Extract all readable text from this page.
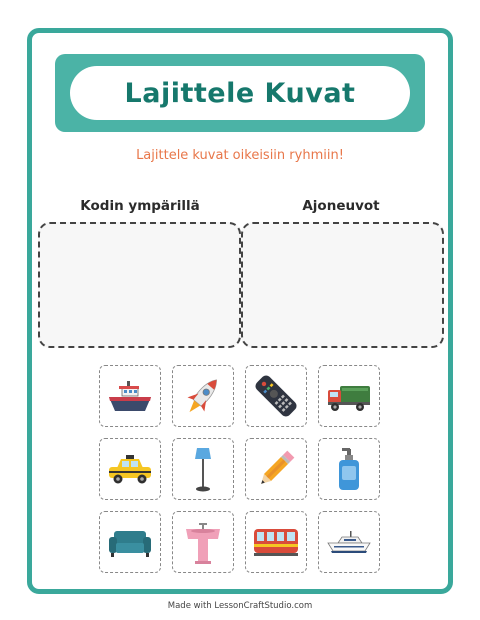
Lajittele Kuvat
Lajittele kuvat oikeisiin ryhmiin!
Kodin ympärillä	Ajoneuvot
Made with LessonCraftStudio.com
